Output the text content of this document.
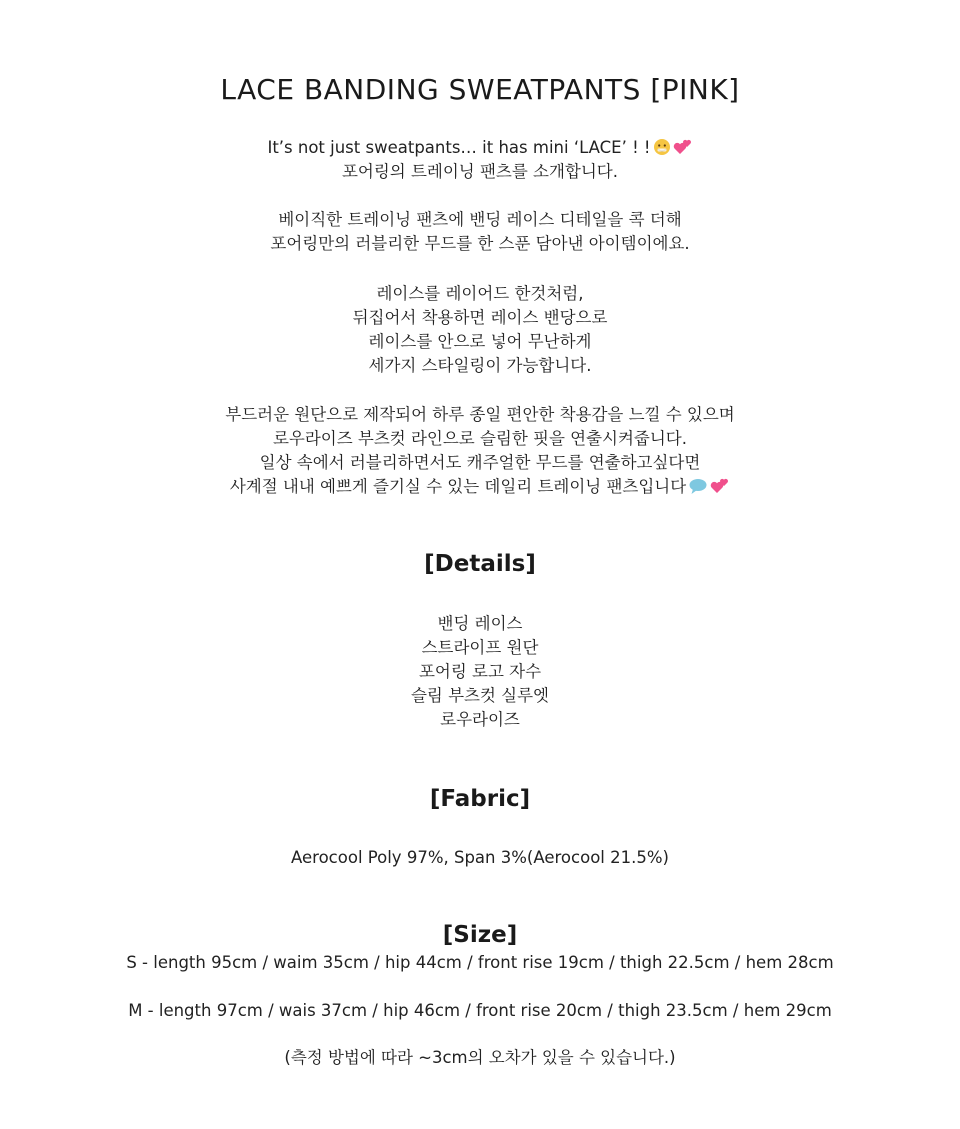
LACE BANDING SWEATPANTS [PINK]
It’s not just sweatpants… it has mini ‘LACE’ ! !
포어링의 트레이닝 팬츠를 소개합니다.
베이직한 트레이닝 팬츠에 밴딩 레이스 디테일을 콕 더해
포어링만의 러블리한 무드를 한 스푼 담아낸 아이템이에요.
레이스를 레이어드 한것처럼,
뒤집어서 착용하면 레이스 밴당으로
레이스를 안으로 넣어 무난하게
세가지 스타일링이 가능합니다.
부드러운 원단으로 제작되어 하루 종일 편안한 착용감을 느낄 수 있으며
로우라이즈 부츠컷 라인으로 슬림한 핏을 연출시켜줍니다.
일상 속에서 러블리하면서도 캐주얼한 무드를 연출하고싶다면
사계절 내내 예쁘게 즐기실 수 있는 데일리 트레이닝 팬츠입니다
[Details]
밴딩 레이스
스트라이프 원단
포어링 로고 자수
슬림 부츠컷 실루엣
로우라이즈
[Fabric]
Aerocool Poly 97%, Span 3%(Aerocool 21.5%)
[Size]
S - length 95cm / waim 35cm / hip 44cm / front rise 19cm / thigh 22.5cm / hem 28cm
M - length 97cm / wais 37cm / hip 46cm / front rise 20cm / thigh 23.5cm / hem 29cm
(측정 방법에 따라 ~3cm의 오차가 있을 수 있습니다.)
